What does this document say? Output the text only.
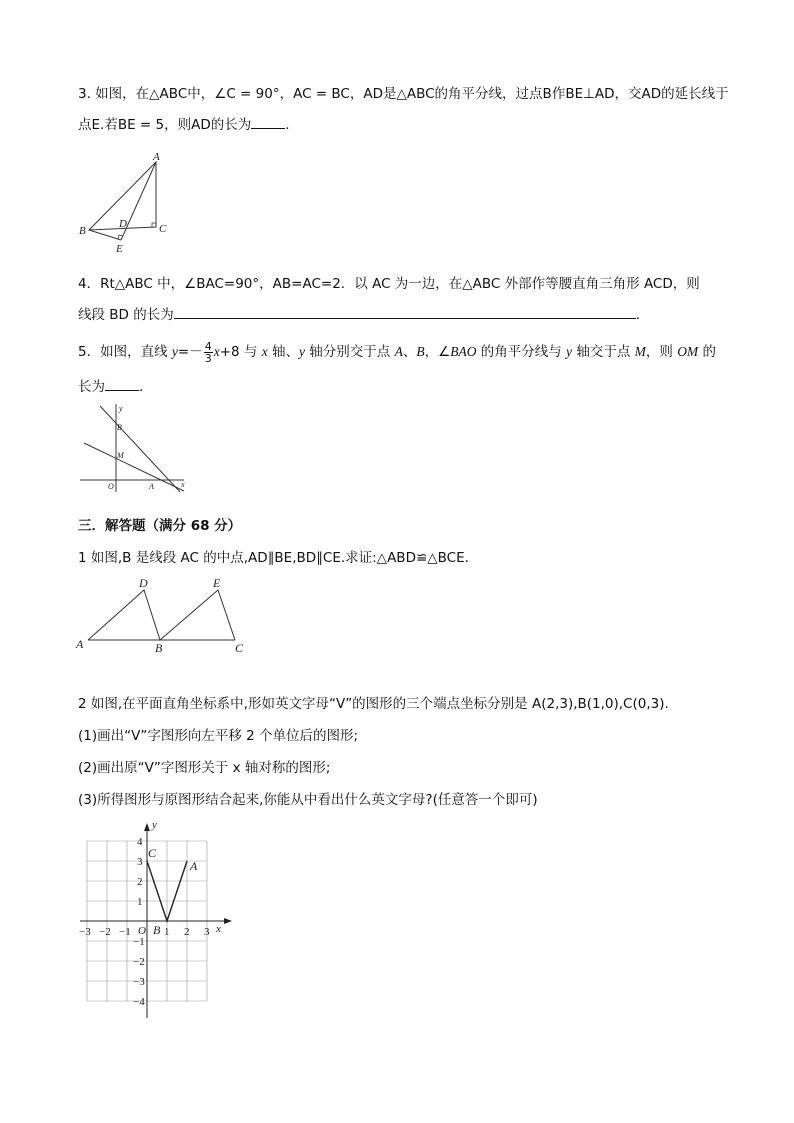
3. 如图，在△ABC中，∠C = 90°，AC = BC，AD是△ABC的角平分线，过点B作BE⊥AD，交AD的延长线于
点E.若BE = 5，则AD的长为	.
A
B	C
D
E
4．Rt△ABC 中，∠BAC=90°，AB=AC=2．以 AC 为一边，在△ABC 外部作等腰直角三角形 ACD，则
线段 BD 的长为	．
5．如图，直线 $y=- \frac{4}{3} x+8$ 与 x 轴、y 轴分别交于点 A、B，∠BAO 的角平分线与 y 轴交于点 M，则 OM 的
长为	．
y
x
B
M
O	A
三．解答题（满分 68 分）
1 如图,B 是线段 AC 的中点,AD∥BE,BD∥CE.求证:△ABD≌△BCE.
A
D
B
E
C
2 如图,在平面直角坐标系中,形如英文字母“V”的图形的三个端点坐标分别是 A(2,3),B(1,0),C(0,3).
(1)画出“V”字图形向左平移 2 个单位后的图形;
(2)画出原“V”字图形关于 x 轴对称的图形;
(3)所得图形与原图形结合起来,你能从中看出什么英文字母?(任意答一个即可)
−3 −2 −1	1 2 3
4
3
2
1
−1
−2
−3
−4
O	x
y
C
A
B
